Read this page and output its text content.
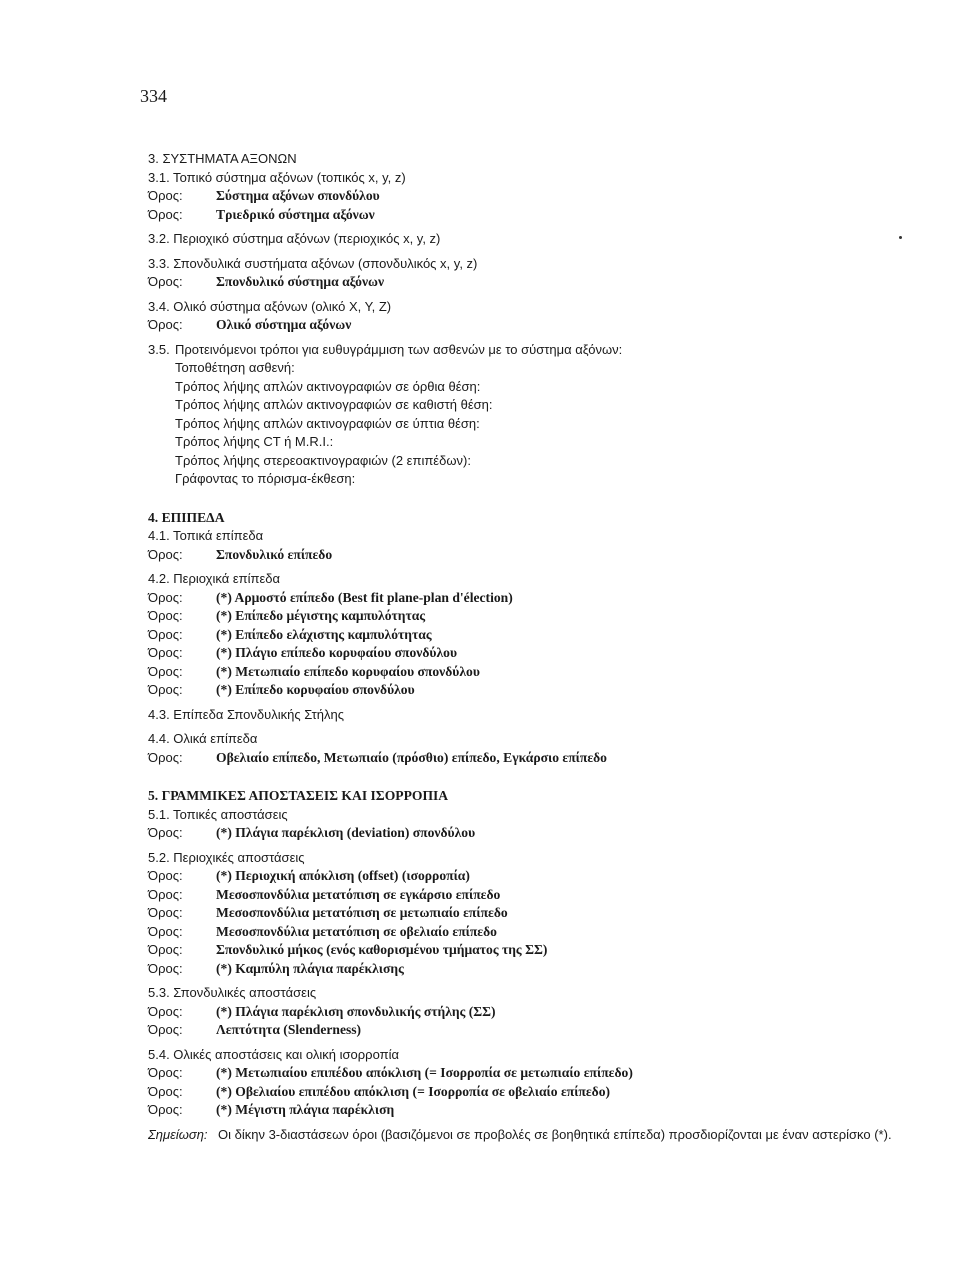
334
3. ΣΥΣΤΗΜΑΤΑ ΑΞΟΝΩΝ
3.1. Τοπικό σύστημα αξόνων (τοπικός x, y, z)
Όρος:	Σύστημα αξόνων σπονδύλου
Όρος:	Τριεδρικό σύστημα αξόνων
3.2. Περιοχικό σύστημα αξόνων (περιοχικός x, y, z)
3.3. Σπονδυλικά συστήματα αξόνων (σπονδυλικός x, y, z)
Όρος:	Σπονδυλικό σύστημα αξόνων
3.4. Ολικό σύστημα αξόνων (ολικό X, Y, Z)
Όρος:	Ολικό σύστημα αξόνων
3.5. Προτεινόμενοι τρόποι για ευθυγράμμιση των ασθενών με το σύστημα αξόνων:
Τοποθέτηση ασθενή:
Τρόπος λήψης απλών ακτινογραφιών σε όρθια θέση:
Τρόπος λήψης απλών ακτινογραφιών σε καθιστή θέση:
Τρόπος λήψης απλών ακτινογραφιών σε ύπτια θέση:
Τρόπος λήψης CT ή M.R.I.:
Τρόπος λήψης στερεοακτινογραφιών (2 επιπέδων):
Γράφοντας το πόρισμα-έκθεση:
4. ΕΠΙΠΕΔΑ
4.1. Τοπικά επίπεδα
Όρος:	Σπονδυλικό επίπεδο
4.2. Περιοχικά επίπεδα
Όρος:	(*) Αρμοστό επίπεδο (Best fit plane-plan d'élection)
Όρος:	(*) Επίπεδο μέγιστης καμπυλότητας
Όρος:	(*) Επίπεδο ελάχιστης καμπυλότητας
Όρος:	(*) Πλάγιο επίπεδο κορυφαίου σπονδύλου
Όρος:	(*) Μετωπιαίο επίπεδο κορυφαίου σπονδύλου
Όρος:	(*) Επίπεδο κορυφαίου σπονδύλου
4.3. Επίπεδα Σπονδυλικής Στήλης
4.4. Ολικά επίπεδα
Όρος:	Οβελιαίο επίπεδο, Μετωπιαίο (πρόσθιο) επίπεδο, Εγκάρσιο επίπεδο
5. ΓΡΑΜΜΙΚΕΣ ΑΠΟΣΤΑΣΕΙΣ ΚΑΙ ΙΣΟΡΡΟΠΙΑ
5.1. Τοπικές αποστάσεις
Όρος:	(*) Πλάγια παρέκλιση (deviation) σπονδύλου
5.2. Περιοχικές αποστάσεις
Όρος:	(*) Περιοχική απόκλιση (offset) (ισορροπία)
Όρος:	Μεσοσπονδύλια μετατόπιση σε εγκάρσιο επίπεδο
Όρος:	Μεσοσπονδύλια μετατόπιση σε μετωπιαίο επίπεδο
Όρος:	Μεσοσπονδύλια μετατόπιση σε οβελιαίο επίπεδο
Όρος:	Σπονδυλικό μήκος (ενός καθορισμένου τμήματος της ΣΣ)
Όρος:	(*) Καμπύλη πλάγια παρέκλισης
5.3. Σπονδυλικές αποστάσεις
Όρος:	(*) Πλάγια παρέκλιση σπονδυλικής στήλης (ΣΣ)
Όρος:	Λεπτότητα (Slenderness)
5.4. Ολικές αποστάσεις και ολική ισορροπία
Όρος:	(*) Μετωπιαίου επιπέδου απόκλιση (= Ισορροπία σε μετωπιαίο επίπεδο)
Όρος:	(*) Οβελιαίου επιπέδου απόκλιση (= Ισορροπία σε οβελιαίο επίπεδο)
Όρος:	(*) Μέγιστη πλάγια παρέκλιση
Σημείωση: Οι δίκην 3-διαστάσεων όροι (βασιζόμενοι σε προβολές σε βοηθητικά επίπεδα) προσδιορίζονται με έναν αστερίσκο (*).
